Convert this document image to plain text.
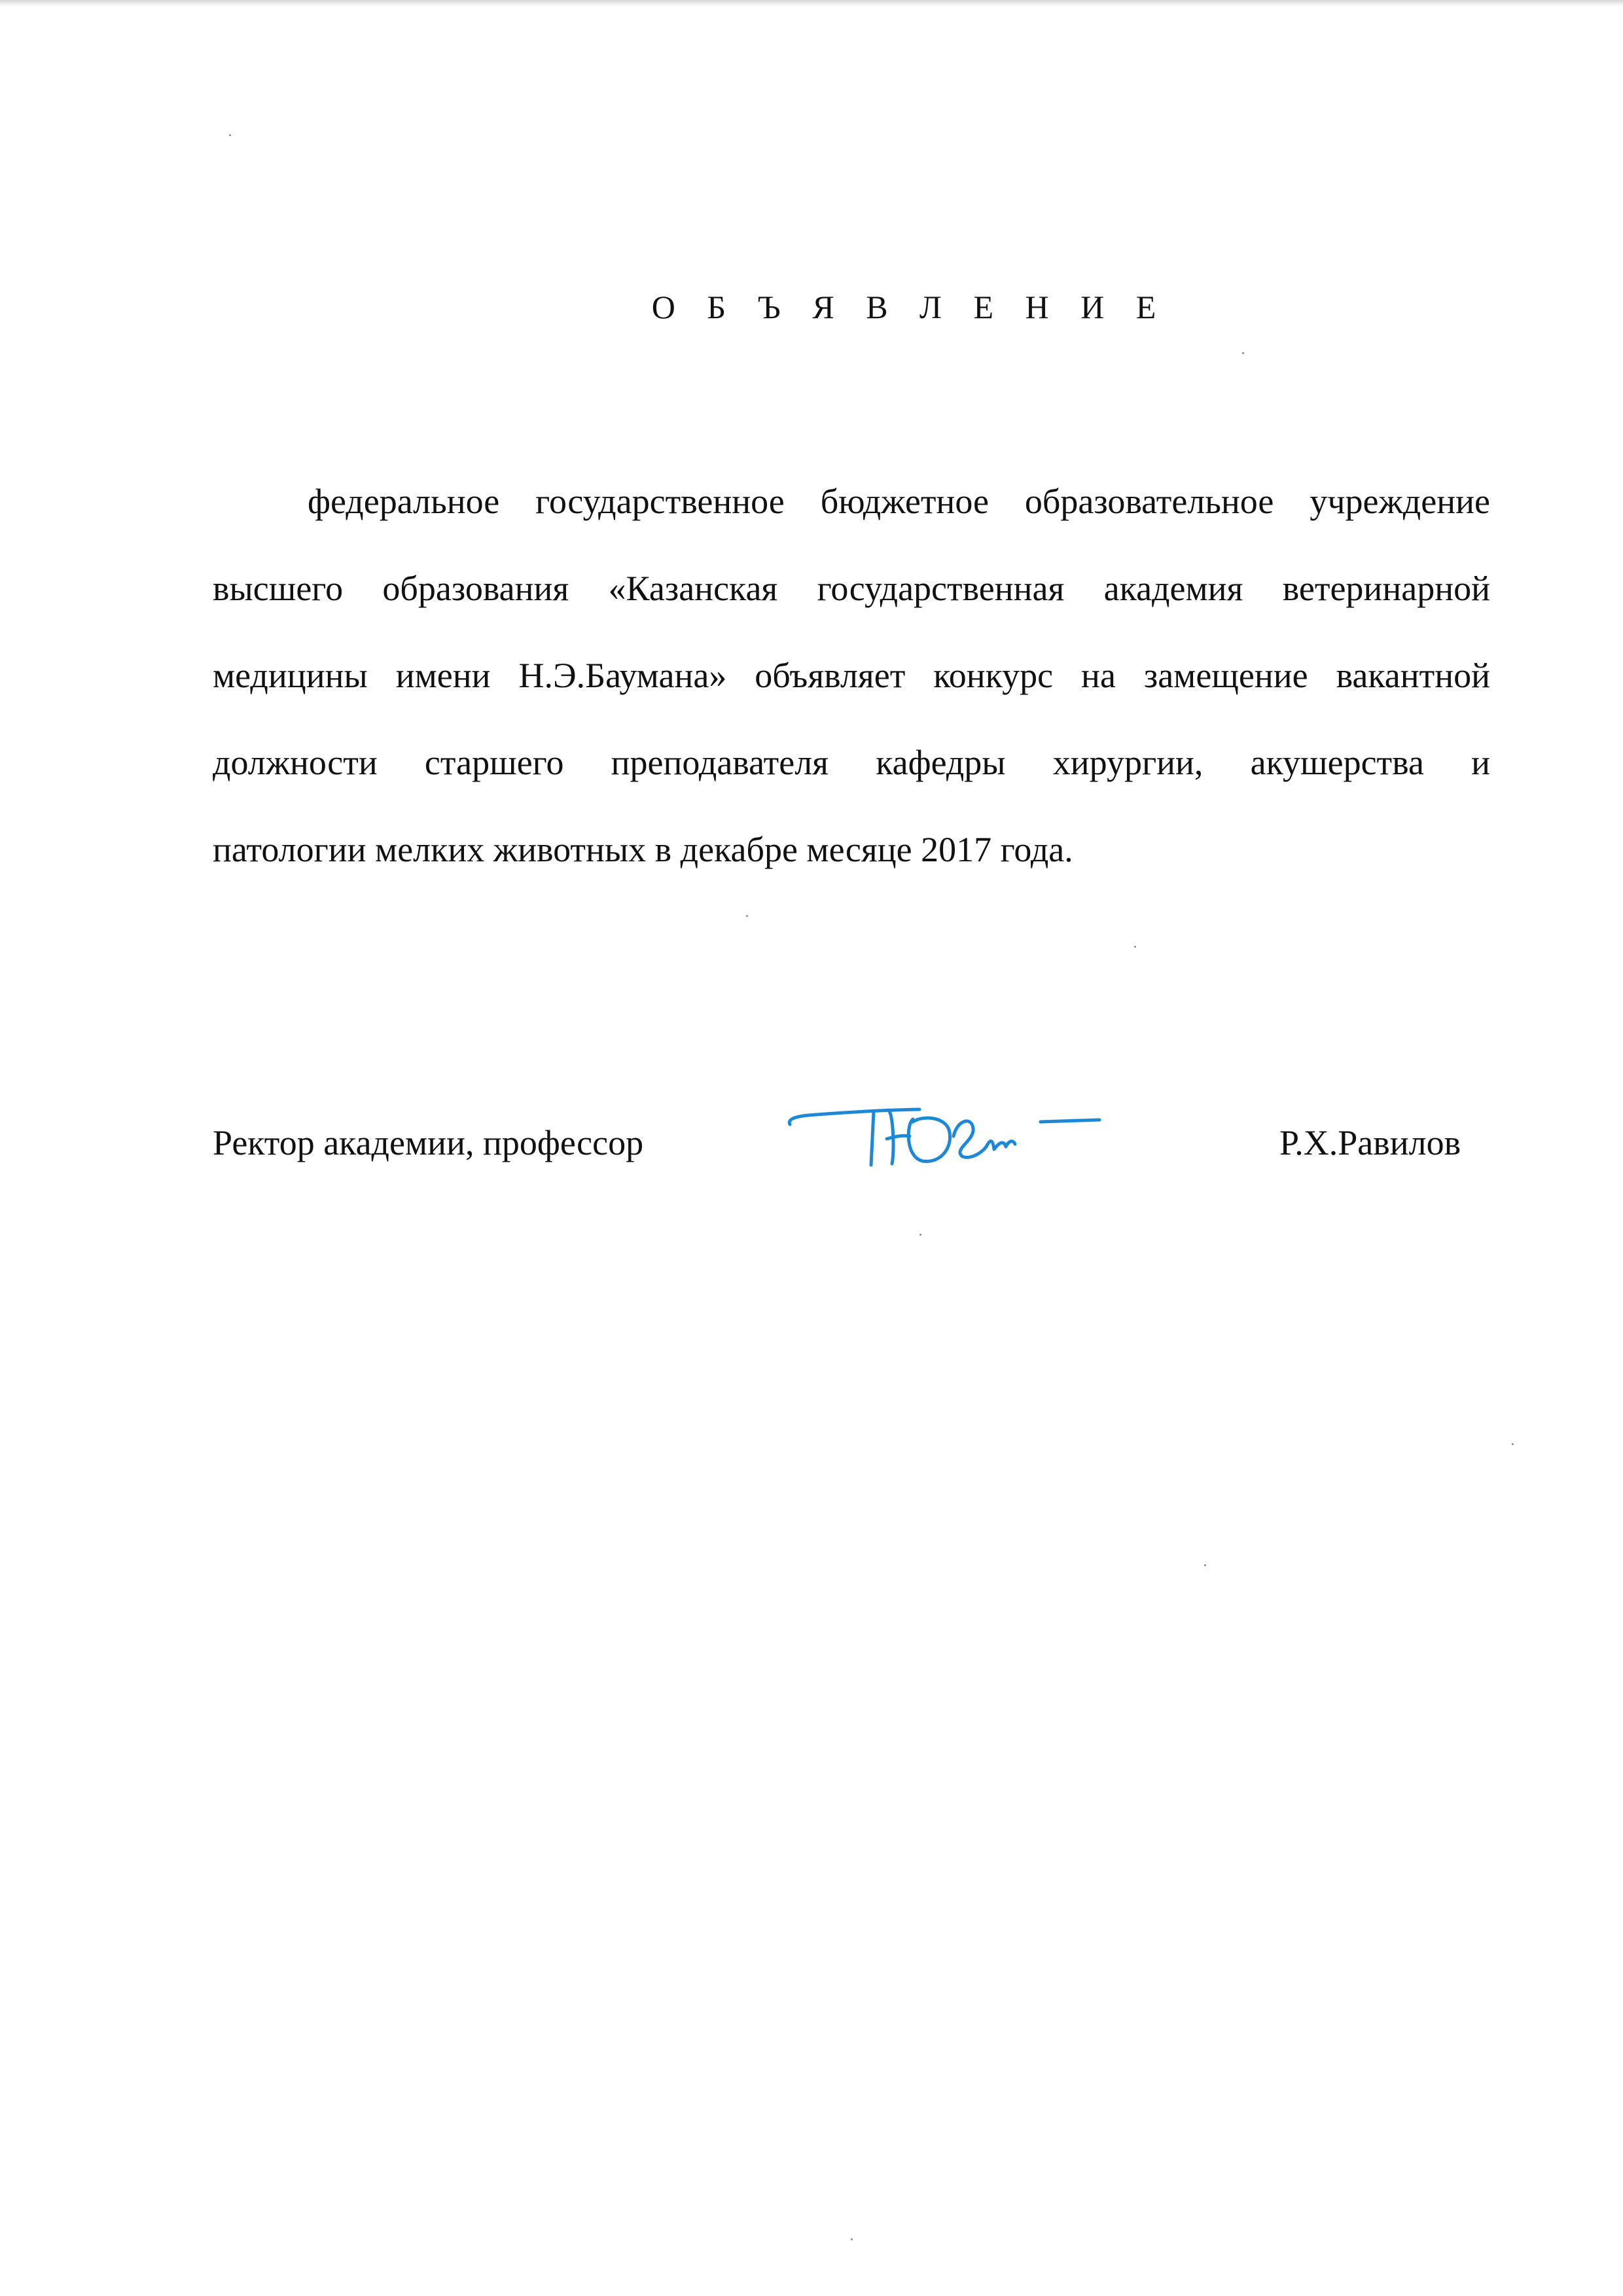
О Б Ъ Я В Л Е Н И Е
федеральное государственное бюджетное образовательное учреждение
высшего образования «Казанская государственная академия ветеринарной
медицины имени Н.Э.Баумана» объявляет конкурс на замещение вакантной
должности старшего преподавателя кафедры хирургии, акушерства и
патологии мелких животных в декабре месяце 2017 года.
Ректор академии, профессор	Р.Х.Равилов
